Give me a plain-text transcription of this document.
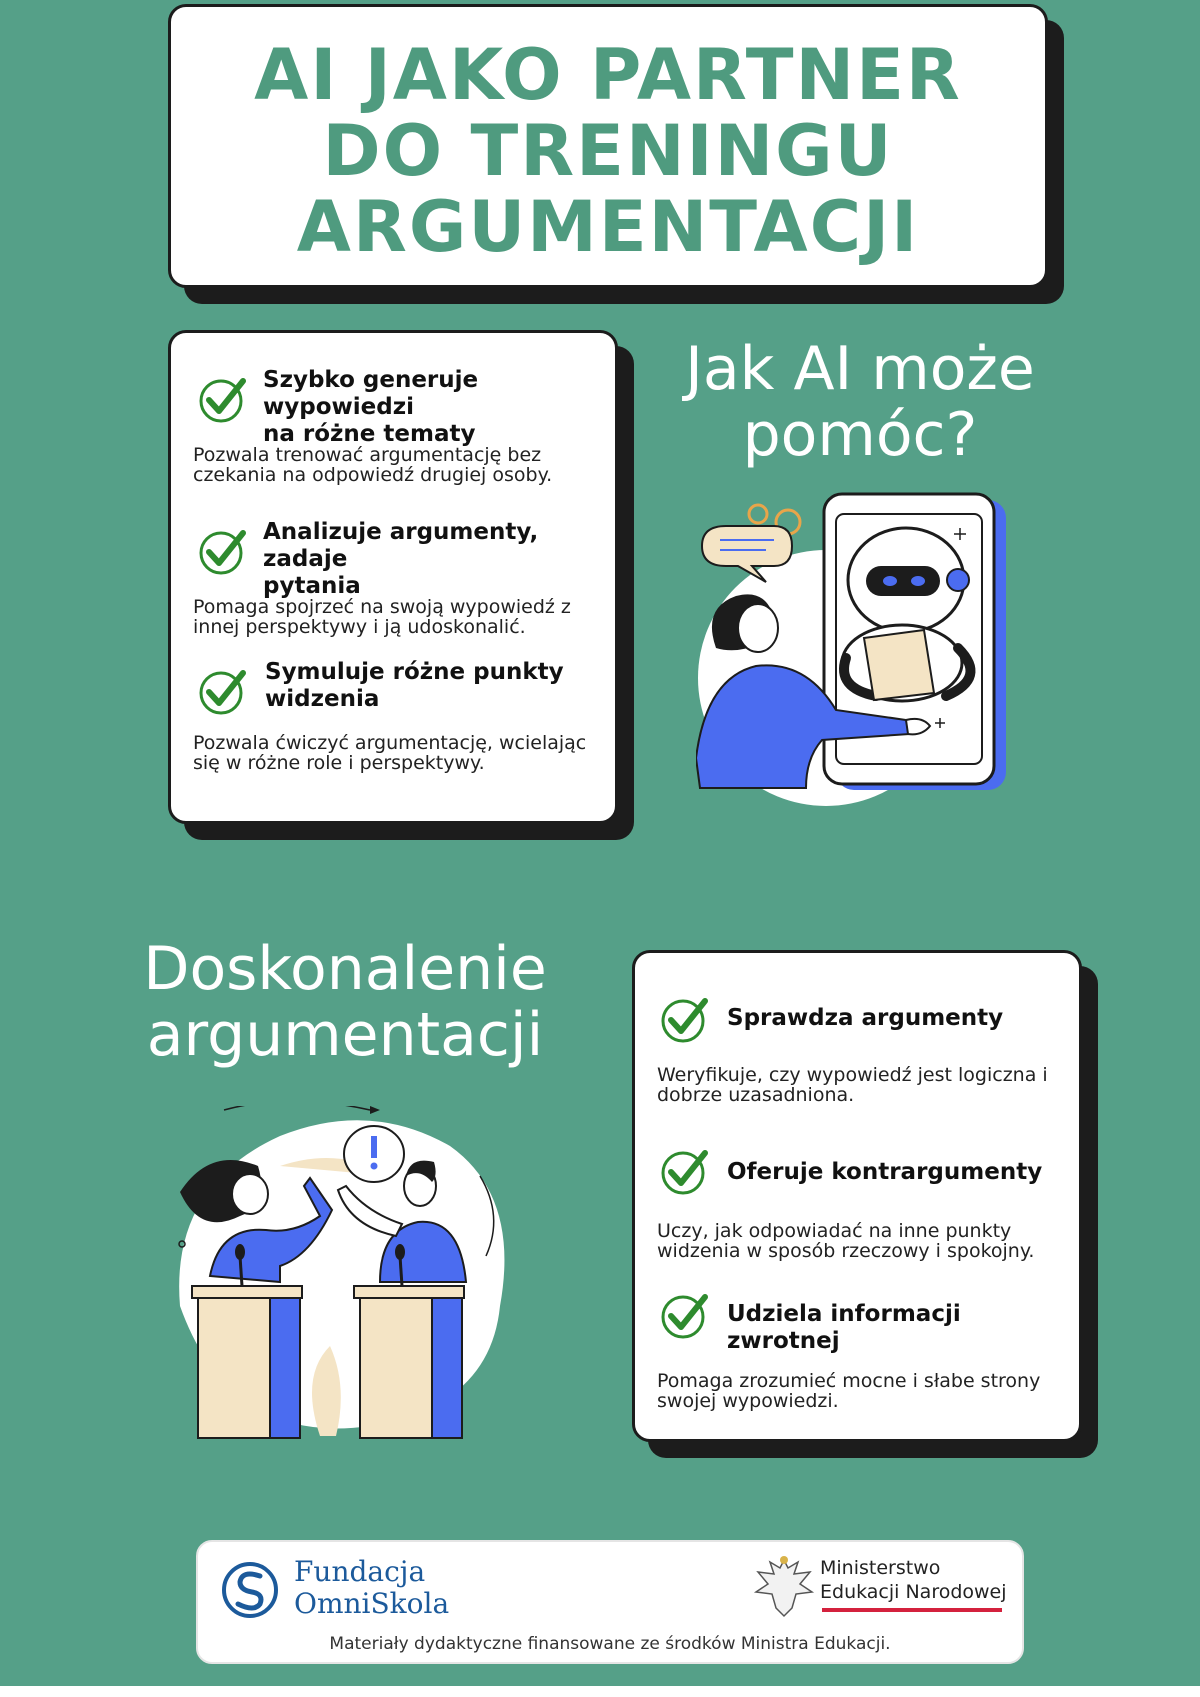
AI JAKO PARTNER
DO TRENINGU
ARGUMENTACJI
Szybko generuje wypowiedzi
na różne tematy
Pozwala trenować argumentację bez
czekania na odpowiedź drugiej osoby.
Analizuje argumenty, zadaje
pytania
Pomaga spojrzeć na swoją wypowiedź z
innej perspektywy i ją udoskonalić.
Symuluje różne punkty
widzenia
Pozwala ćwiczyć argumentację, wcielając
się w różne role i perspektywy.
Jak AI może
pomóc?
Doskonalenie
argumentacji	Sprawdza argumenty
Weryfikuje, czy wypowiedź jest logiczna i
dobrze uzasadniona.
Oferuje kontrargumenty
Uczy, jak odpowiadać na inne punkty
widzenia w sposób rzeczowy i spokojny.
Udziela informacji zwrotnej
Pomaga zrozumieć mocne i słabe strony
swojej wypowiedzi.
Fundacja
OmniSkola
Ministerstwo
Edukacji Narodowej
Materiały dydaktyczne finansowane ze środków Ministra Edukacji.
